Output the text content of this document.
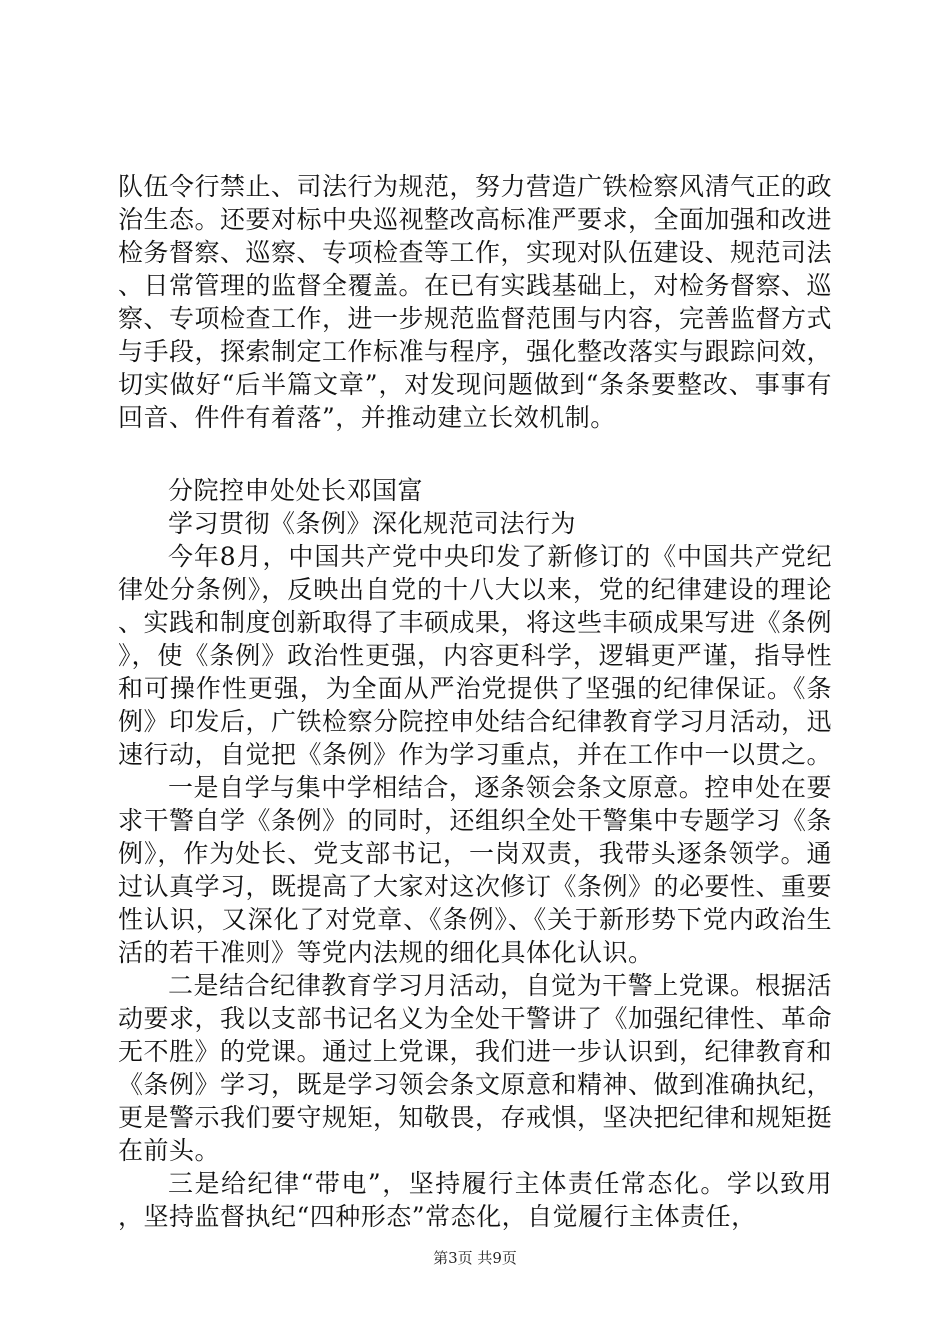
队伍令行禁止、司法行为规范，努力营造广铁检察风清气正的政治生态。还要对标中央巡视整改高标准严要求，全面加强和改进检务督察、巡察、专项检查等工作，实现对队伍建设、规范司法、日常管理的监督全覆盖。在已有实践基础上，对检务督察、巡察、专项检查工作，进一步规范监督范围与内容，完善监督方式与手段，探索制定工作标准与程序，强化整改落实与跟踪问效，切实做好“后半篇文章”，对发现问题做到“条条要整改、事事有回音、件件有着落”，并推动建立长效机制。

分院控申处处长邓国富

学习贯彻《条例》深化规范司法行为

今年8月，中国共产党中央印发了新修订的《中国共产党纪律处分条例》，反映出自党的十八大以来，党的纪律建设的理论、实践和制度创新取得了丰硕成果，将这些丰硕成果写进《条例》，使《条例》政治性更强，内容更科学，逻辑更严谨，指导性和可操作性更强，为全面从严治党提供了坚强的纪律保证。《条例》印发后，广铁检察分院控申处结合纪律教育学习月活动，迅速行动，自觉把《条例》作为学习重点，并在工作中一以贯之。

一是自学与集中学相结合，逐条领会条文原意。控申处在要求干警自学《条例》的同时，还组织全处干警集中专题学习《条例》，作为处长、党支部书记，一岗双责，我带头逐条领学。通过认真学习，既提高了大家对这次修订《条例》的必要性、重要性认识，又深化了对党章、《条例》、《关于新形势下党内政治生活的若干准则》等党内法规的细化具体化认识。

二是结合纪律教育学习月活动，自觉为干警上党课。根据活动要求，我以支部书记名义为全处干警讲了《加强纪律性、革命无不胜》的党课。通过上党课，我们进一步认识到，纪律教育和《条例》学习，既是学习领会条文原意和精神、做到准确执纪，更是警示我们要守规矩，知敬畏，存戒惧，坚决把纪律和规矩挺在前头。

三是给纪律“带电”，坚持履行主体责任常态化。学以致用，坚持监督执纪“四种形态”常态化，自觉履行主体责任，

第3页 共9页
